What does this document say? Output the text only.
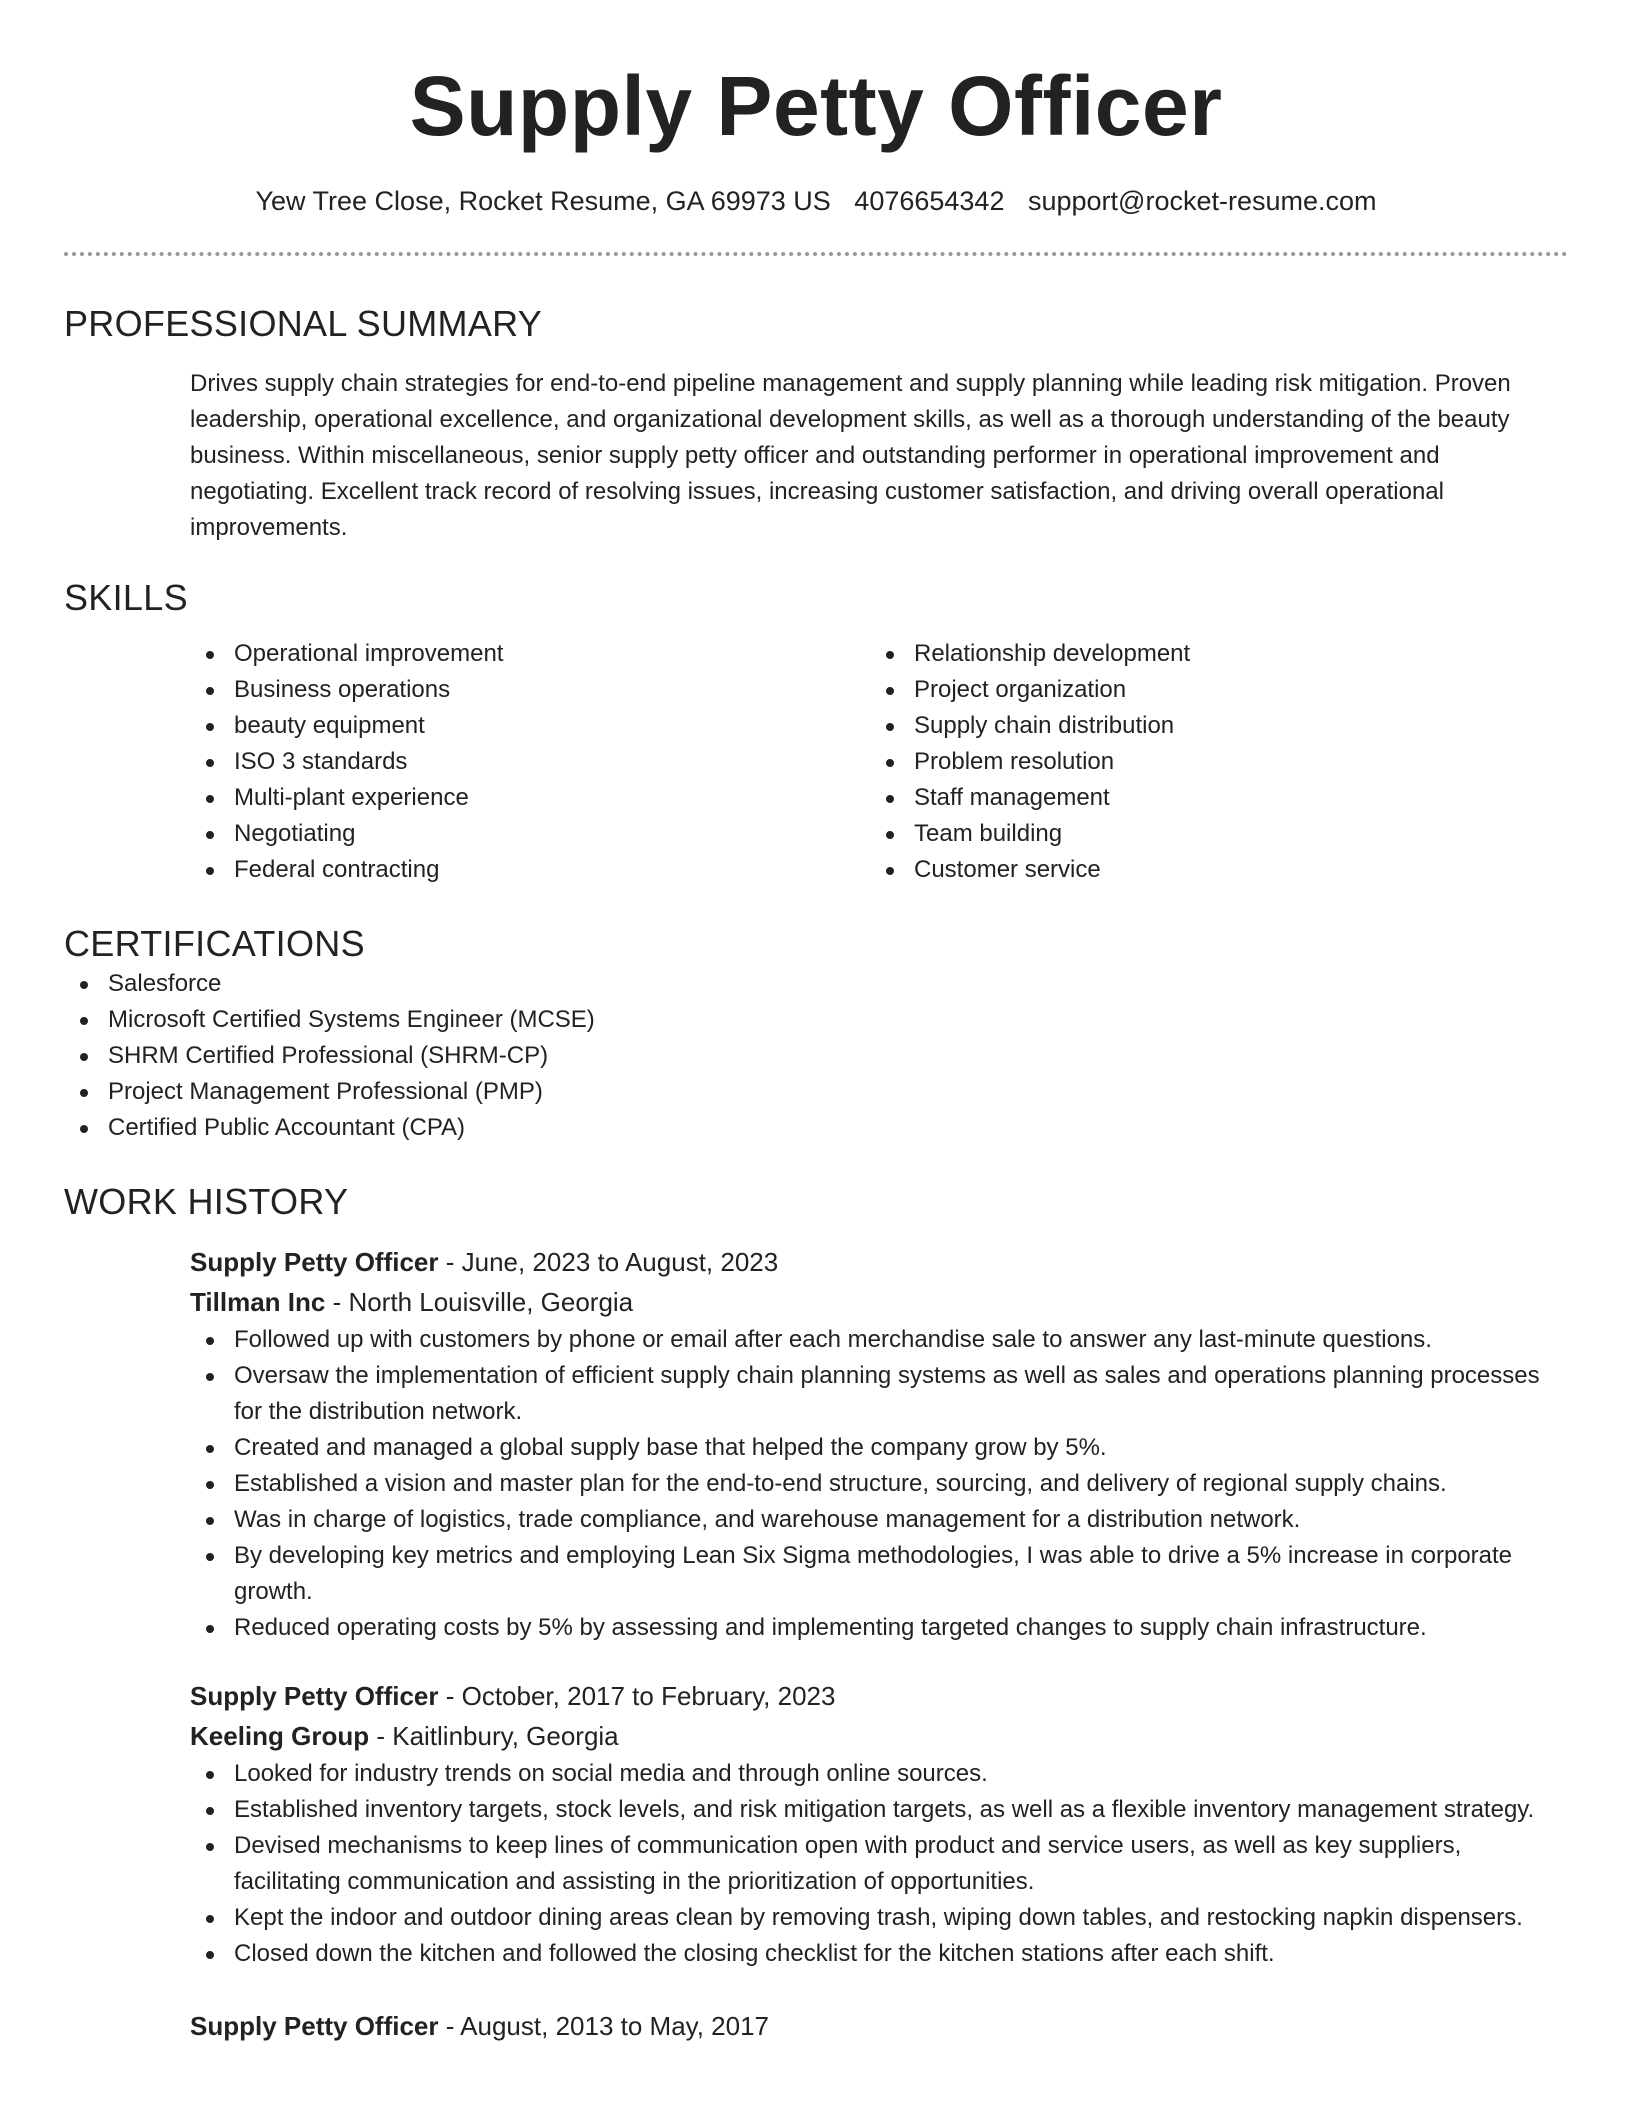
Supply Petty Officer
Yew Tree Close, Rocket Resume, GA 69973 US 4076654342 support@rocket-resume.com
PROFESSIONAL SUMMARY

Drives supply chain strategies for end-to-end pipeline management and supply planning while leading risk mitigation. Proven leadership, operational excellence, and organizational development skills, as well as a thorough understanding of the beauty business. Within miscellaneous, senior supply petty officer and outstanding performer in operational improvement and negotiating. Excellent track record of resolving issues, increasing customer satisfaction, and driving overall operational improvements.

SKILLS
Operational improvement
Business operations
beauty equipment
ISO 3 standards
Multi-plant experience
Negotiating
Federal contracting
Relationship development
Project organization
Supply chain distribution
Problem resolution
Staff management
Team building
Customer service
CERTIFICATIONS
Salesforce
Microsoft Certified Systems Engineer (MCSE)
SHRM Certified Professional (SHRM-CP)
Project Management Professional (PMP)
Certified Public Accountant (CPA)
WORK HISTORY
Supply Petty Officer - June, 2023 to August, 2023
Tillman Inc - North Louisville, Georgia
Followed up with customers by phone or email after each merchandise sale to answer any last-minute questions.
Oversaw the implementation of efficient supply chain planning systems as well as sales and operations planning processes for the distribution network.
Created and managed a global supply base that helped the company grow by 5%.
Established a vision and master plan for the end-to-end structure, sourcing, and delivery of regional supply chains.
Was in charge of logistics, trade compliance, and warehouse management for a distribution network.
By developing key metrics and employing Lean Six Sigma methodologies, I was able to drive a 5% increase in corporate growth.
Reduced operating costs by 5% by assessing and implementing targeted changes to supply chain infrastructure.
Supply Petty Officer - October, 2017 to February, 2023
Keeling Group - Kaitlinbury, Georgia
Looked for industry trends on social media and through online sources.
Established inventory targets, stock levels, and risk mitigation targets, as well as a flexible inventory management strategy.
Devised mechanisms to keep lines of communication open with product and service users, as well as key suppliers, facilitating communication and assisting in the prioritization of opportunities.
Kept the indoor and outdoor dining areas clean by removing trash, wiping down tables, and restocking napkin dispensers.
Closed down the kitchen and followed the closing checklist for the kitchen stations after each shift.
Supply Petty Officer - August, 2013 to May, 2017
